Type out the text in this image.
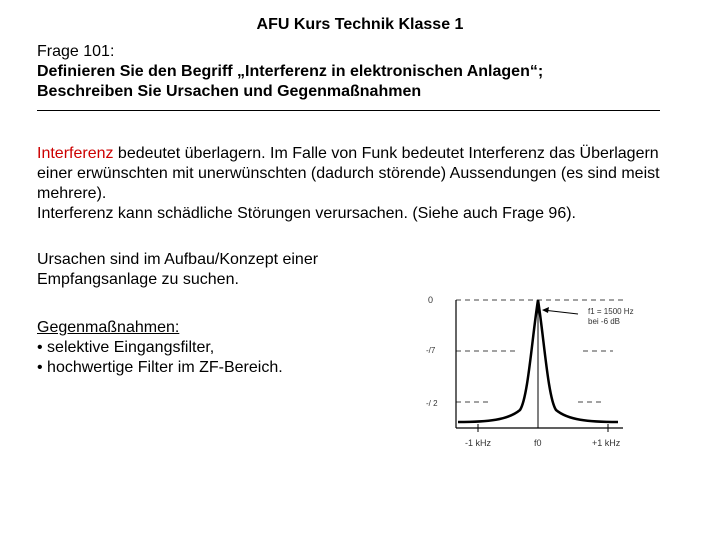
AFU Kurs Technik Klasse 1
Frage 101:
Definieren Sie den Begriff „Interferenz in elektronischen Anlagen“;
Beschreiben Sie Ursachen und Gegenmaßnahmen
Interferenz bedeutet überlagern. Im Falle von Funk bedeutet Interferenz das Überlagern einer erwünschten mit unerwünschten (dadurch störende) Aussendungen (es sind meist mehrere).
Interferenz kann schädliche Störungen verursachen. (Siehe auch Frage 96).
Ursachen sind im Aufbau/Konzept einer Empfangsanlage zu suchen.
Gegenmaßnahmen:
• selektive Eingangsfilter,
• hochwertige Filter im ZF-Bereich.
0
-/7
-/ 2
f1 = 1500 Hz
bei -6 dB
-1 kHz	f0	+1 kHz
